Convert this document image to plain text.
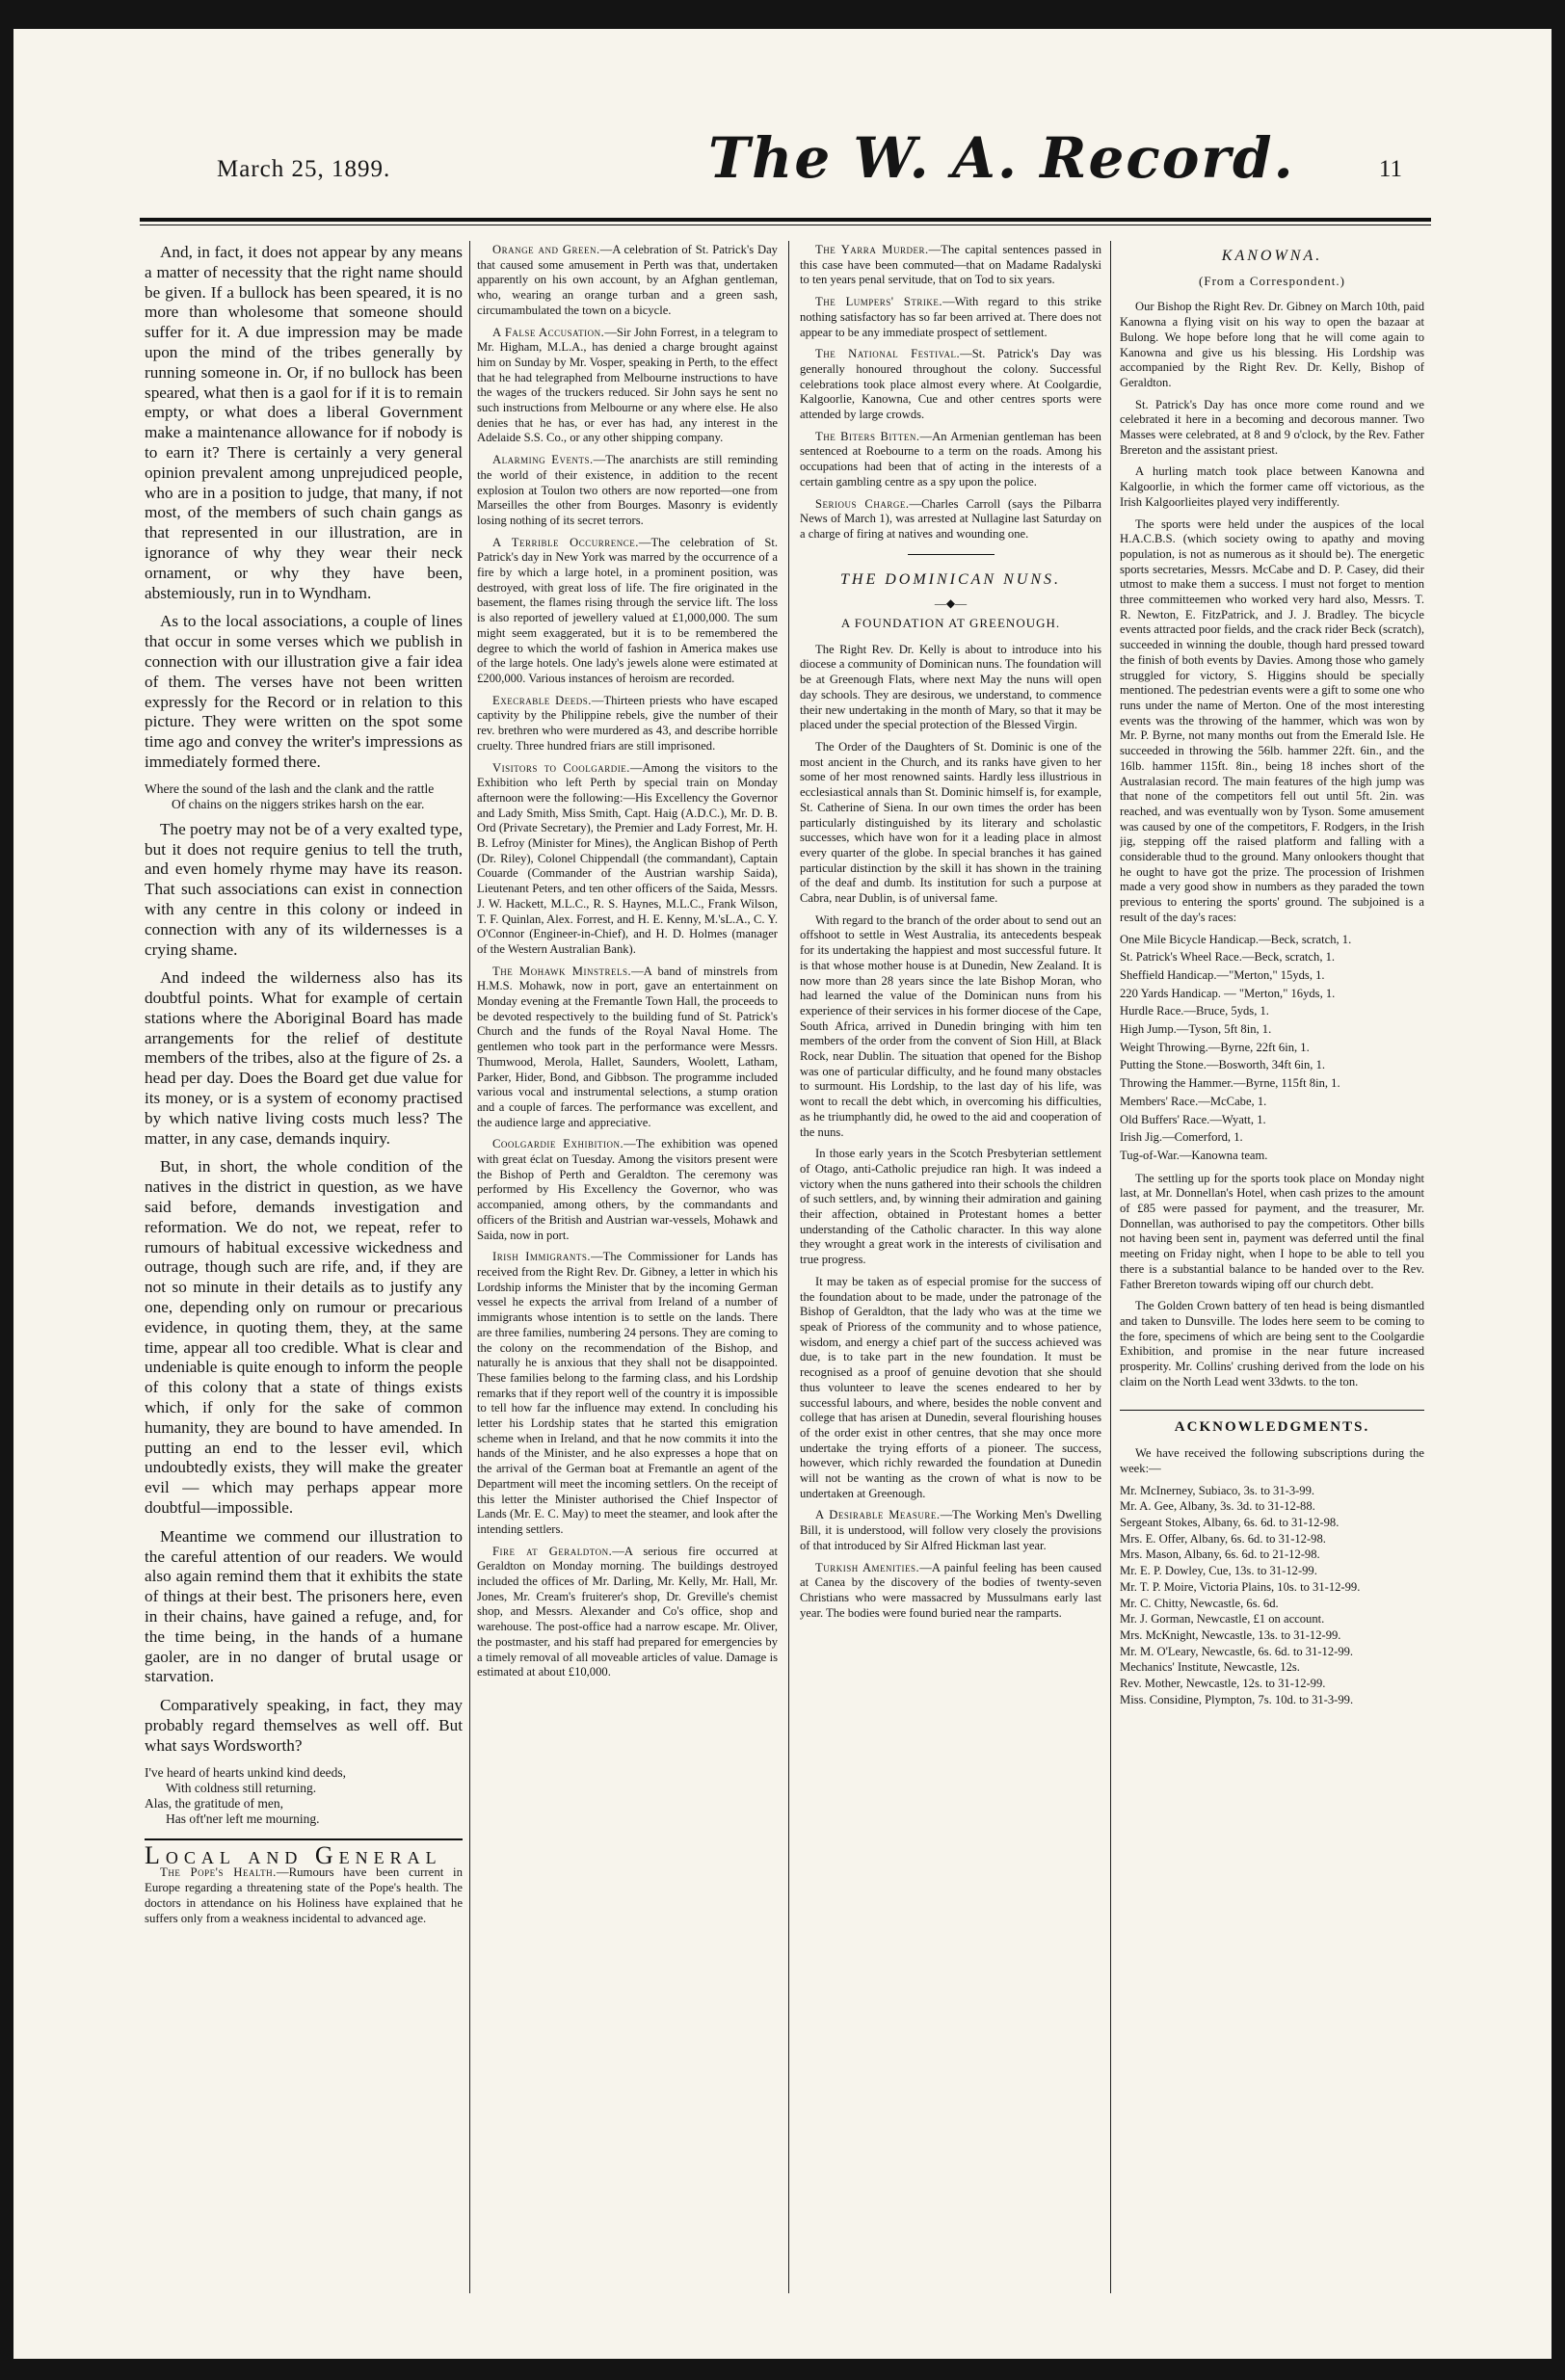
March 25, 1899.	The W. A. Record.	11

And, in fact, it does not appear by any means a matter of necessity that the right name should be given. If a bullock has been speared, it is no more than wholesome that someone should suffer for it. A due impression may be made upon the mind of the tribes generally by running someone in. Or, if no bullock has been speared, what then is a gaol for if it is to remain empty, or what does a liberal Government make a maintenance allowance for if nobody is to earn it? There is certainly a very general opinion prevalent among unprejudiced people, who are in a position to judge, that many, if not most, of the members of such chain gangs as that represented in our illustration, are in ignorance of why they wear their neck ornament, or why they have been, abstemiously, run in to Wyndham.

As to the local associations, a couple of lines that occur in some verses which we publish in connection with our illustration give a fair idea of them. The verses have not been written expressly for the Record or in relation to this picture. They were written on the spot some time ago and convey the writer's impressions as immediately formed there.

Where the sound of the lash and the clank and the rattle
Of chains on the niggers strikes harsh on the ear.

The poetry may not be of a very exalted type, but it does not require genius to tell the truth, and even homely rhyme may have its reason. That such associations can exist in connection with any centre in this colony or indeed in connection with any of its wildernesses is a crying shame.

And indeed the wilderness also has its doubtful points. What for example of certain stations where the Aboriginal Board has made arrangements for the relief of destitute members of the tribes, also at the figure of 2s. a head per day. Does the Board get due value for its money, or is a system of economy practised by which native living costs much less? The matter, in any case, demands inquiry.

But, in short, the whole condition of the natives in the district in question, as we have said before, demands investigation and reformation. We do not, we repeat, refer to rumours of habitual excessive wickedness and outrage, though such are rife, and, if they are not so minute in their details as to justify any one, depending only on rumour or precarious evidence, in quoting them, they, at the same time, appear all too credible. What is clear and undeniable is quite enough to inform the people of this colony that a state of things exists which, if only for the sake of common humanity, they are bound to have amended. In putting an end to the lesser evil, which undoubtedly exists, they will make the greater evil — which may perhaps appear more doubtful—impossible.

Meantime we commend our illustration to the careful attention of our readers. We would also again remind them that it exhibits the state of things at their best. The prisoners here, even in their chains, have gained a refuge, and, for the time being, in the hands of a humane gaoler, are in no danger of brutal usage or starvation.

Comparatively speaking, in fact, they may probably regard themselves as well off. But what says Wordsworth?

I've heard of hearts unkind kind deeds,
With coldness still returning.
Alas, the gratitude of men,
Has oft'ner left me mourning.
Local and General

The Pope's Health.—Rumours have been current in Europe regarding a threatening state of the Pope's health. The doctors in attendance on his Holiness have explained that he suffers only from a weakness incidental to advanced age.

Orange and Green.—A celebration of St. Patrick's Day that caused some amusement in Perth was that, undertaken apparently on his own account, by an Afghan gentleman, who, wearing an orange turban and a green sash, circumambulated the town on a bicycle.

A False Accusation.—Sir John Forrest, in a telegram to Mr. Higham, M.L.A., has denied a charge brought against him on Sunday by Mr. Vosper, speaking in Perth, to the effect that he had telegraphed from Melbourne instructions to have the wages of the truckers reduced. Sir John says he sent no such instructions from Melbourne or any where else. He also denies that he has, or ever has had, any interest in the Adelaide S.S. Co., or any other shipping company.

Alarming Events.—The anarchists are still reminding the world of their existence, in addition to the recent explosion at Toulon two others are now reported—one from Marseilles the other from Bourges. Masonry is evidently losing nothing of its secret terrors.

A Terrible Occurrence.—The celebration of St. Patrick's day in New York was marred by the occurrence of a fire by which a large hotel, in a prominent position, was destroyed, with great loss of life. The fire originated in the basement, the flames rising through the service lift. The loss is also reported of jewellery valued at £1,000,000. The sum might seem exaggerated, but it is to be remembered the degree to which the world of fashion in America makes use of the large hotels. One lady's jewels alone were estimated at £200,000. Various instances of heroism are recorded.

Execrable Deeds.—Thirteen priests who have escaped captivity by the Philippine rebels, give the number of their rev. brethren who were murdered as 43, and describe horrible cruelty. Three hundred friars are still imprisoned.

Visitors to Coolgardie.—Among the visitors to the Exhibition who left Perth by special train on Monday afternoon were the following:—His Excellency the Governor and Lady Smith, Miss Smith, Capt. Haig (A.D.C.), Mr. D. B. Ord (Private Secretary), the Premier and Lady Forrest, Mr. H. B. Lefroy (Minister for Mines), the Anglican Bishop of Perth (Dr. Riley), Colonel Chippendall (the commandant), Captain Couarde (Commander of the Austrian warship Saida), Lieutenant Peters, and ten other officers of the Saida, Messrs. J. W. Hackett, M.L.C., R. S. Haynes, M.L.C., Frank Wilson, T. F. Quinlan, Alex. Forrest, and H. E. Kenny, M.'sL.A., C. Y. O'Connor (Engineer-in-Chief), and H. D. Holmes (manager of the Western Australian Bank).

The Mohawk Minstrels.—A band of minstrels from H.M.S. Mohawk, now in port, gave an entertainment on Monday evening at the Fremantle Town Hall, the proceeds to be devoted respectively to the building fund of St. Patrick's Church and the funds of the Royal Naval Home. The gentlemen who took part in the performance were Messrs. Thumwood, Merola, Hallet, Saunders, Woolett, Latham, Parker, Hider, Bond, and Gibbson. The programme included various vocal and instrumental selections, a stump oration and a couple of farces. The performance was excellent, and the audience large and appreciative.

Coolgardie Exhibition.—The exhibition was opened with great éclat on Tuesday. Among the visitors present were the Bishop of Perth and Geraldton. The ceremony was performed by His Excellency the Governor, who was accompanied, among others, by the commandants and officers of the British and Austrian war-vessels, Mohawk and Saida, now in port.

Irish Immigrants.—The Commissioner for Lands has received from the Right Rev. Dr. Gibney, a letter in which his Lordship informs the Minister that by the incoming German vessel he expects the arrival from Ireland of a number of immigrants whose intention is to settle on the lands. There are three families, numbering 24 persons. They are coming to the colony on the recommendation of the Bishop, and naturally he is anxious that they shall not be disappointed. These families belong to the farming class, and his Lordship remarks that if they report well of the country it is impossible to tell how far the influence may extend. In concluding his letter his Lordship states that he started this emigration scheme when in Ireland, and that he now commits it into the hands of the Minister, and he also expresses a hope that on the arrival of the German boat at Fremantle an agent of the Department will meet the incoming settlers. On the receipt of this letter the Minister authorised the Chief Inspector of Lands (Mr. E. C. May) to meet the steamer, and look after the intending settlers.

Fire at Geraldton.—A serious fire occurred at Geraldton on Monday morning. The buildings destroyed included the offices of Mr. Darling, Mr. Kelly, Mr. Hall, Mr. Jones, Mr. Cream's fruiterer's shop, Dr. Greville's chemist shop, and Messrs. Alexander and Co's office, shop and warehouse. The post-office had a narrow escape. Mr. Oliver, the postmaster, and his staff had prepared for emergencies by a timely removal of all moveable articles of value. Damage is estimated at about £10,000.

The Yarra Murder.—The capital sentences passed in this case have been commuted—that on Madame Radalyski to ten years penal servitude, that on Tod to six years.

The Lumpers' Strike.—With regard to this strike nothing satisfactory has so far been arrived at. There does not appear to be any immediate prospect of settlement.

The National Festival.—St. Patrick's Day was generally honoured throughout the colony. Successful celebrations took place almost every where. At Coolgardie, Kalgoorlie, Kanowna, Cue and other centres sports were attended by large crowds.

The Biters Bitten.—An Armenian gentleman has been sentenced at Roebourne to a term on the roads. Among his occupations had been that of acting in the interests of a certain gambling centre as a spy upon the police.

Serious Charge.—Charles Carroll (says the Pilbarra News of March 1), was arrested at Nullagine last Saturday on a charge of firing at natives and wounding one.

THE DOMINICAN NUNS.
—◆—
A FOUNDATION AT GREENOUGH.

The Right Rev. Dr. Kelly is about to introduce into his diocese a community of Dominican nuns. The foundation will be at Greenough Flats, where next May the nuns will open day schools. They are desirous, we understand, to commence their new undertaking in the month of Mary, so that it may be placed under the special protection of the Blessed Virgin.

The Order of the Daughters of St. Dominic is one of the most ancient in the Church, and its ranks have given to her some of her most renowned saints. Hardly less illustrious in ecclesiastical annals than St. Dominic himself is, for example, St. Catherine of Siena. In our own times the order has been particularly distinguished by its literary and scholastic successes, which have won for it a leading place in almost every quarter of the globe. In special branches it has gained particular distinction by the skill it has shown in the training of the deaf and dumb. Its institution for such a purpose at Cabra, near Dublin, is of universal fame.

With regard to the branch of the order about to send out an offshoot to settle in West Australia, its antecedents bespeak for its undertaking the happiest and most successful future. It is that whose mother house is at Dunedin, New Zealand. It is now more than 28 years since the late Bishop Moran, who had learned the value of the Dominican nuns from his experience of their services in his former diocese of the Cape, South Africa, arrived in Dunedin bringing with him ten members of the order from the convent of Sion Hill, at Black Rock, near Dublin. The situation that opened for the Bishop was one of particular difficulty, and he found many obstacles to surmount. His Lordship, to the last day of his life, was wont to recall the debt which, in overcoming his difficulties, as he triumphantly did, he owed to the aid and cooperation of the nuns.

In those early years in the Scotch Presbyterian settlement of Otago, anti-Catholic prejudice ran high. It was indeed a victory when the nuns gathered into their schools the children of such settlers, and, by winning their admiration and gaining their affection, obtained in Protestant homes a better understanding of the Catholic character. In this way alone they wrought a great work in the interests of civilisation and true progress.

It may be taken as of especial promise for the success of the foundation about to be made, under the patronage of the Bishop of Geraldton, that the lady who was at the time we speak of Prioress of the community and to whose patience, wisdom, and energy a chief part of the success achieved was due, is to take part in the new foundation. It must be recognised as a proof of genuine devotion that she should thus volunteer to leave the scenes endeared to her by successful labours, and where, besides the noble convent and college that has arisen at Dunedin, several flourishing houses of the order exist in other centres, that she may once more undertake the trying efforts of a pioneer. The success, however, which richly rewarded the foundation at Dunedin will not be wanting as the crown of what is now to be undertaken at Greenough.

A Desirable Measure.—The Working Men's Dwelling Bill, it is understood, will follow very closely the provisions of that introduced by Sir Alfred Hickman last year.

Turkish Amenities.—A painful feeling has been caused at Canea by the discovery of the bodies of twenty-seven Christians who were massacred by Mussulmans early last year. The bodies were found buried near the ramparts.

KANOWNA.
(From a Correspondent.)

Our Bishop the Right Rev. Dr. Gibney on March 10th, paid Kanowna a flying visit on his way to open the bazaar at Bulong. We hope before long that he will come again to Kanowna and give us his blessing. His Lordship was accompanied by the Right Rev. Dr. Kelly, Bishop of Geraldton.

St. Patrick's Day has once more come round and we celebrated it here in a becoming and decorous manner. Two Masses were celebrated, at 8 and 9 o'clock, by the Rev. Father Brereton and the assistant priest.

A hurling match took place between Kanowna and Kalgoorlie, in which the former came off victorious, as the Irish Kalgoorlieites played very indifferently.

The sports were held under the auspices of the local H.A.C.B.S. (which society owing to apathy and moving population, is not as numerous as it should be). The energetic sports secretaries, Messrs. McCabe and D. P. Casey, did their utmost to make them a success. I must not forget to mention three committeemen who worked very hard also, Messrs. T. R. Newton, E. FitzPatrick, and J. J. Bradley. The bicycle events attracted poor fields, and the crack rider Beck (scratch), succeeded in winning the double, though hard pressed toward the finish of both events by Davies. Among those who gamely struggled for victory, S. Higgins should be specially mentioned. The pedestrian events were a gift to some one who runs under the name of Merton. One of the most interesting events was the throwing of the hammer, which was won by Mr. P. Byrne, not many months out from the Emerald Isle. He succeeded in throwing the 56lb. hammer 22ft. 6in., and the 16lb. hammer 115ft. 8in., being 18 inches short of the Australasian record. The main features of the high jump was that none of the competitors fell out until 5ft. 2in. was reached, and was eventually won by Tyson. Some amusement was caused by one of the competitors, F. Rodgers, in the Irish jig, stepping off the raised platform and falling with a considerable thud to the ground. Many onlookers thought that he ought to have got the prize. The procession of Irishmen made a very good show in numbers as they paraded the town previous to entering the sports' ground. The subjoined is a result of the day's races:

One Mile Bicycle Handicap.—Beck, scratch, 1.

St. Patrick's Wheel Race.—Beck, scratch, 1.

Sheffield Handicap.—"Merton," 15yds, 1.

220 Yards Handicap. — "Merton," 16yds, 1.

Hurdle Race.—Bruce, 5yds, 1.

High Jump.—Tyson, 5ft 8in, 1.

Weight Throwing.—Byrne, 22ft 6in, 1.

Putting the Stone.—Bosworth, 34ft 6in, 1.

Throwing the Hammer.—Byrne, 115ft 8in, 1.

Members' Race.—McCabe, 1.

Old Buffers' Race.—Wyatt, 1.

Irish Jig.—Comerford, 1.

Tug-of-War.—Kanowna team.

The settling up for the sports took place on Monday night last, at Mr. Donnellan's Hotel, when cash prizes to the amount of £85 were passed for payment, and the treasurer, Mr. Donnellan, was authorised to pay the competitors. Other bills not having been sent in, payment was deferred until the final meeting on Friday night, when I hope to be able to tell you there is a substantial balance to be handed over to the Rev. Father Brereton towards wiping off our church debt.

The Golden Crown battery of ten head is being dismantled and taken to Dunsville. The lodes here seem to be coming to the fore, specimens of which are being sent to the Coolgardie Exhibition, and promise in the near future increased prosperity. Mr. Collins' crushing derived from the lode on his claim on the North Lead went 33dwts. to the ton.

ACKNOWLEDGMENTS.

We have received the following subscriptions during the week:—

Mr. McInerney, Subiaco, 3s. to 31-3-99.

Mr. A. Gee, Albany, 3s. 3d. to 31-12-88.

Sergeant Stokes, Albany, 6s. 6d. to 31-12-98.

Mrs. E. Offer, Albany, 6s. 6d. to 31-12-98.

Mrs. Mason, Albany, 6s. 6d. to 21-12-98.

Mr. E. P. Dowley, Cue, 13s. to 31-12-99.

Mr. T. P. Moire, Victoria Plains, 10s. to 31-12-99.

Mr. C. Chitty, Newcastle, 6s. 6d.

Mr. J. Gorman, Newcastle, £1 on account.

Mrs. McKnight, Newcastle, 13s. to 31-12-99.

Mr. M. O'Leary, Newcastle, 6s. 6d. to 31-12-99.

Mechanics' Institute, Newcastle, 12s.

Rev. Mother, Newcastle, 12s. to 31-12-99.

Miss. Considine, Plympton, 7s. 10d. to 31-3-99.
